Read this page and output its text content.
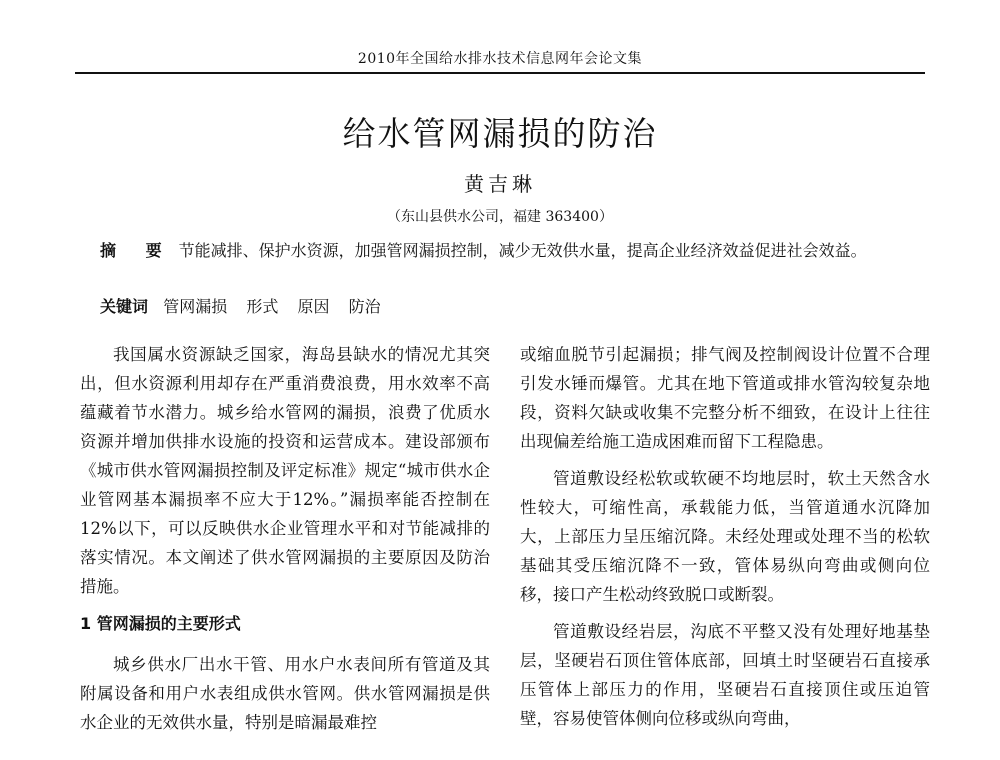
2010年全国给水排水技术信息网年会论文集
给水管网漏损的防治
黄吉琳
（东山县供水公司，福建 363400）
摘 要 节能减排、保护水资源，加强管网漏损控制，减少无效供水量，提高企业经济效益促进社会效益。
关键词 管网漏损 形式 原因 防治

我国属水资源缺乏国家，海岛县缺水的情况尤其突出，但水资源利用却存在严重消费浪费，用水效率不高蕴藏着节水潜力。城乡给水管网的漏损，浪费了优质水资源并增加供排水设施的投资和运营成本。建设部颁布《城市供水管网漏损控制及评定标准》规定“城市供水企业管网基本漏损率不应大于12%。”漏损率能否控制在12%以下，可以反映供水企业管理水平和对节能减排的落实情况。本文阐述了供水管网漏损的主要原因及防治措施。

1 管网漏损的主要形式

城乡供水厂出水干管、用水户水表间所有管道及其附属设备和用户水表组成供水管网。供水管网漏损是供水企业的无效供水量，特别是暗漏最难控

或缩血脱节引起漏损；排气阀及控制阀设计位置不合理引发水锤而爆管。尤其在地下管道或排水管沟较复杂地段，资料欠缺或收集不完整分析不细致，在设计上往往出现偏差给施工造成困难而留下工程隐患。

管道敷设经松软或软硬不均地层时，软土天然含水性较大，可缩性高，承载能力低，当管道通水沉降加大，上部压力呈压缩沉降。未经处理或处理不当的松软基础其受压缩沉降不一致，管体易纵向弯曲或侧向位移，接口产生松动终致脱口或断裂。

管道敷设经岩层，沟底不平整又没有处理好地基垫层，坚硬岩石顶住管体底部，回填土时坚硬岩石直接承压管体上部压力的作用，坚硬岩石直接顶住或压迫管壁，容易使管体侧向位移或纵向弯曲，
